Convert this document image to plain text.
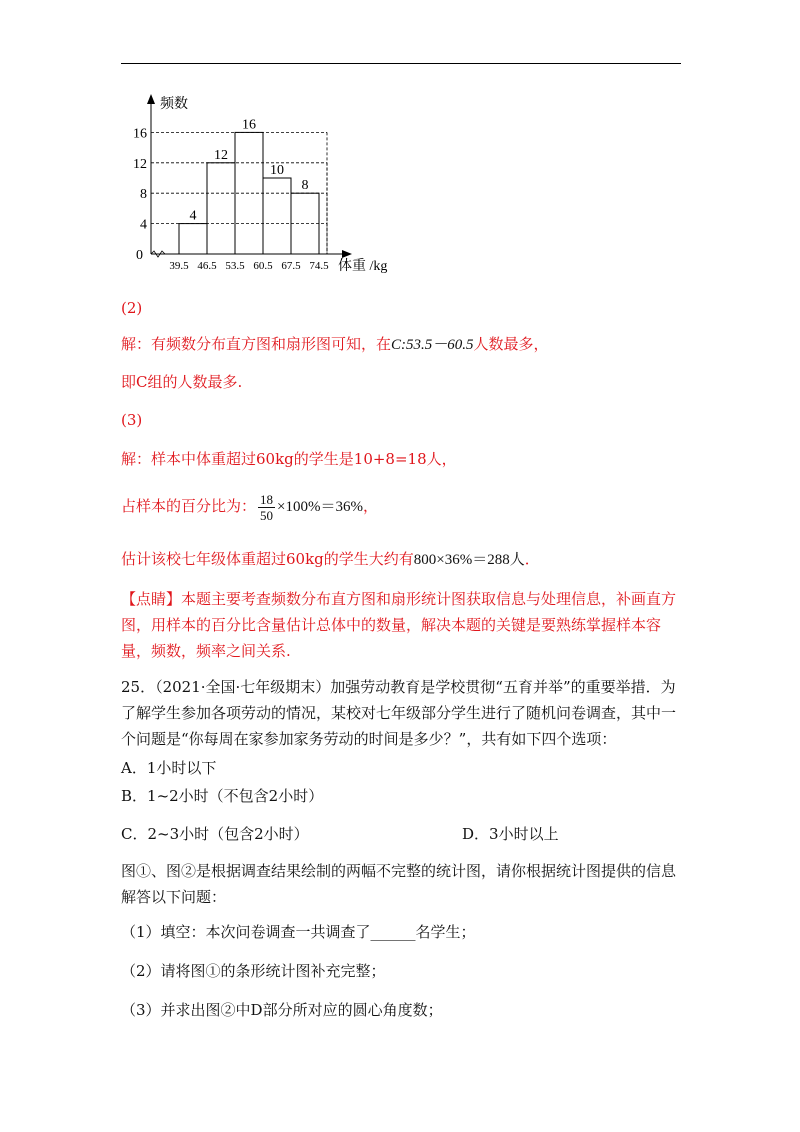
4
8
12
16
4
12
16
10
8
39.5 46.5 53.5 60.5 67.5 74.5
0
频数
体重 /kg
(2)
解：有频数分布直方图和扇形图可知，在C:53.5－60.5人数最多，
即C组的人数最多.
(3)
解：样本中体重超过60kg的学生是10+8=18人，
占样本的百分比为： $\frac{18}{50} \times 100\%=36\%$，
估计该校七年级体重超过60kg的学生大约有800×36%＝288人．
【点睛】本题主要考查频数分布直方图和扇形统计图获取信息与处理信息，补画直方图，用样本的百分比含量估计总体中的数量，解决本题的关键是要熟练掌握样本容量，频数，频率之间关系.
25．（2021·全国·七年级期末）加强劳动教育是学校贯彻“五育并举”的重要举措．为了解学生参加各项劳动的情况，某校对七年级部分学生进行了随机问卷调查，其中一个问题是“你每周在家参加家务劳动的时间是多少？”，共有如下四个选项：
A．1小时以下
B．1~2小时（不包含2小时）
C．2~3小时（包含2小时）	D．3小时以上
图①、图②是根据调查结果绘制的两幅不完整的统计图，请你根据统计图提供的信息解答以下问题：
（1）填空：本次问卷调查一共调查了______名学生；
（2）请将图①的条形统计图补充完整；
（3）并求出图②中D部分所对应的圆心角度数；
